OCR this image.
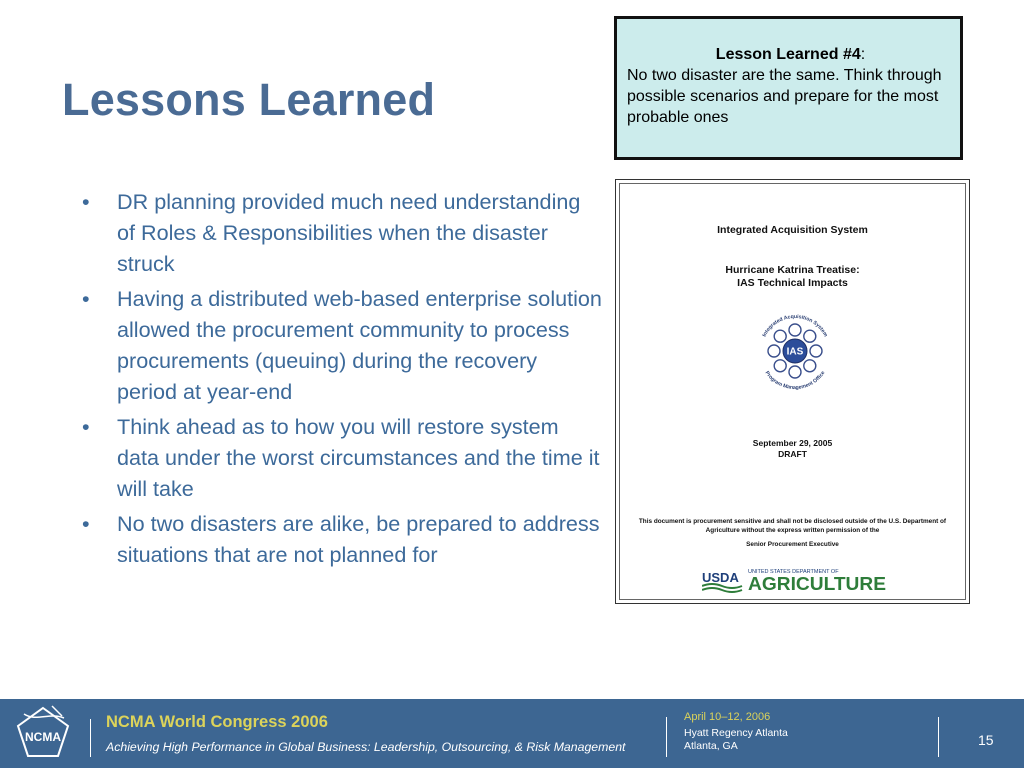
Lessons Learned
•	DR planning provided much need understanding of Roles & Responsibilities when the disaster struck
•	Having a distributed web-based enterprise solution allowed the procurement community to process procurements (queuing) during the recovery period at year-end
•	Think ahead as to how you will restore system data under the worst circumstances and the time it will take
•	No two disasters are alike, be prepared to address situations that are not planned for
Lesson Learned #4:
No two disaster are the same. Think through possible scenarios and prepare for the most probable ones
Integrated Acquisition System
Hurricane Katrina Treatise:
IAS Technical Impacts
Integrated Acquisition System
Program Management Office
IAS
September 29, 2005
DRAFT
This document is procurement sensitive and shall not be disclosed outside of the U.S. Department of Agriculture without the express written permission of the
Senior Procurement Executive
USDA UNITED STATES DEPARTMENT OF
AGRICULTURE
NCMA
NCMA World Congress 2006
Achieving High Performance in Global Business: Leadership, Outsourcing, & Risk Management
April 10–12, 2006
Hyatt Regency Atlanta
Atlanta, GA	15
